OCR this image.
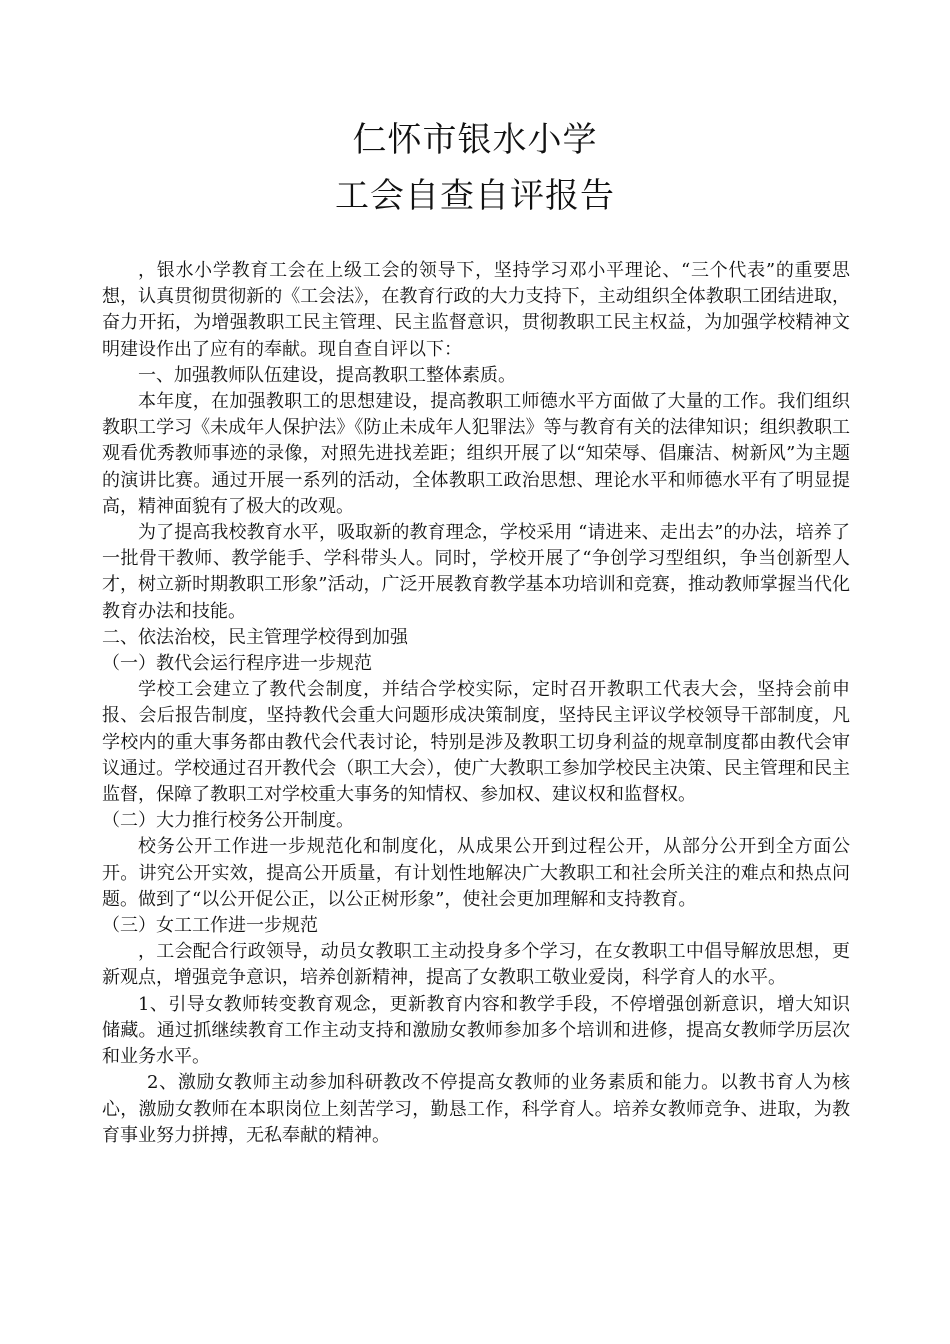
仁怀市银水小学
工会自查自评报告

，银水小学教育工会在上级工会的领导下，坚持学习邓小平理论、“三个代表”的重要思想，认真贯彻贯彻新的《工会法》，在教育行政的大力支持下，主动组织全体教职工团结进取，奋力开拓，为增强教职工民主管理、民主监督意识，贯彻教职工民主权益，为加强学校精神文明建设作出了应有的奉献。现自查自评以下：

一、加强教师队伍建设，提高教职工整体素质。

本年度，在加强教职工的思想建设，提高教职工师德水平方面做了大量的工作。我们组织教职工学习《未成年人保护法》《防止未成年人犯罪法》等与教育有关的法律知识；组织教职工观看优秀教师事迹的录像，对照先进找差距；组织开展了以“知荣辱、倡廉洁、树新风”为主题的演讲比赛。通过开展一系列的活动，全体教职工政治思想、理论水平和师德水平有了明显提高，精神面貌有了极大的改观。

为了提高我校教育水平，吸取新的教育理念，学校采用 “请进来、走出去”的办法，培养了一批骨干教师、教学能手、学科带头人。同时，学校开展了“争创学习型组织，争当创新型人才，树立新时期教职工形象”活动，广泛开展教育教学基本功培训和竞赛，推动教师掌握当代化教育办法和技能。

二、依法治校，民主管理学校得到加强

（一）教代会运行程序进一步规范

学校工会建立了教代会制度，并结合学校实际，定时召开教职工代表大会，坚持会前申报、会后报告制度，坚持教代会重大问题形成决策制度，坚持民主评议学校领导干部制度，凡学校内的重大事务都由教代会代表讨论，特别是涉及教职工切身利益的规章制度都由教代会审议通过。学校通过召开教代会（职工大会），使广大教职工参加学校民主决策、民主管理和民主监督，保障了教职工对学校重大事务的知情权、参加权、建议权和监督权。

（二）大力推行校务公开制度。

校务公开工作进一步规范化和制度化，从成果公开到过程公开，从部分公开到全方面公开。讲究公开实效，提高公开质量，有计划性地解决广大教职工和社会所关注的难点和热点问题。做到了“以公开促公正，以公正树形象”，使社会更加理解和支持教育。

（三）女工工作进一步规范

，工会配合行政领导，动员女教职工主动投身多个学习，在女教职工中倡导解放思想，更新观点，增强竞争意识，培养创新精神，提高了女教职工敬业爱岗，科学育人的水平。

1、引导女教师转变教育观念，更新教育内容和教学手段，不停增强创新意识，增大知识储藏。通过抓继续教育工作主动支持和激励女教师参加多个培训和进修，提高女教师学历层次和业务水平。

2、激励女教师主动参加科研教改不停提高女教师的业务素质和能力。以教书育人为核心，激励女教师在本职岗位上刻苦学习，勤恳工作，科学育人。培养女教师竞争、进取，为教育事业努力拼搏，无私奉献的精神。
